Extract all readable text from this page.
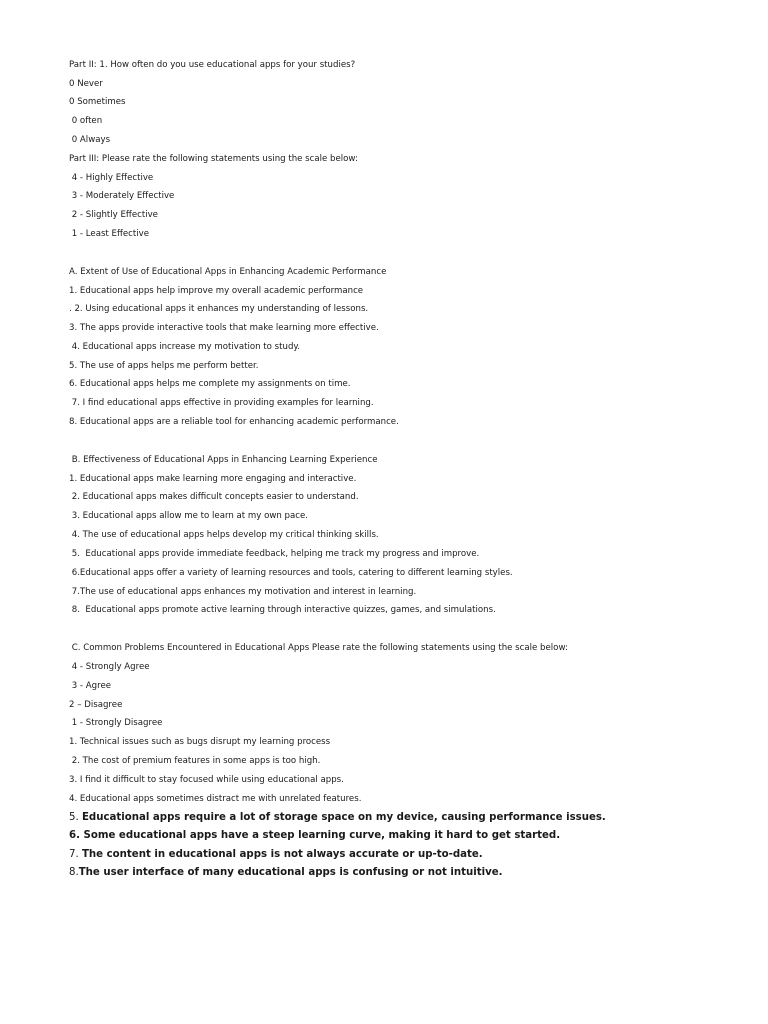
Part II: 1. How often do you use educational apps for your studies?
0 Never
0 Sometimes
0 often
0 Always
Part III: Please rate the following statements using the scale below:
4 - Highly Effective
3 - Moderately Effective
2 - Slightly Effective
1 - Least Effective
A. Extent of Use of Educational Apps in Enhancing Academic Performance
1. Educational apps help improve my overall academic performance
. 2. Using educational apps it enhances my understanding of lessons.
3. The apps provide interactive tools that make learning more effective.
4. Educational apps increase my motivation to study.
5. The use of apps helps me perform better.
6. Educational apps helps me complete my assignments on time.
7. I find educational apps effective in providing examples for learning.
8. Educational apps are a reliable tool for enhancing academic performance.
B. Effectiveness of Educational Apps in Enhancing Learning Experience
1. Educational apps make learning more engaging and interactive.
2. Educational apps makes difficult concepts easier to understand.
3. Educational apps allow me to learn at my own pace.
4. The use of educational apps helps develop my critical thinking skills.
5.  Educational apps provide immediate feedback, helping me track my progress and improve.
6.Educational apps offer a variety of learning resources and tools, catering to different learning styles.
7.The use of educational apps enhances my motivation and interest in learning.
8.  Educational apps promote active learning through interactive quizzes, games, and simulations.
C. Common Problems Encountered in Educational Apps Please rate the following statements using the scale below:
4 - Strongly Agree
3 - Agree
2 – Disagree
1 - Strongly Disagree
1. Technical issues such as bugs disrupt my learning process
2. The cost of premium features in some apps is too high.
3. I find it difficult to stay focused while using educational apps.
4. Educational apps sometimes distract me with unrelated features.
5. Educational apps require a lot of storage space on my device, causing performance issues.
6. Some educational apps have a steep learning curve, making it hard to get started.
7. The content in educational apps is not always accurate or up-to-date.
8.The user interface of many educational apps is confusing or not intuitive.
